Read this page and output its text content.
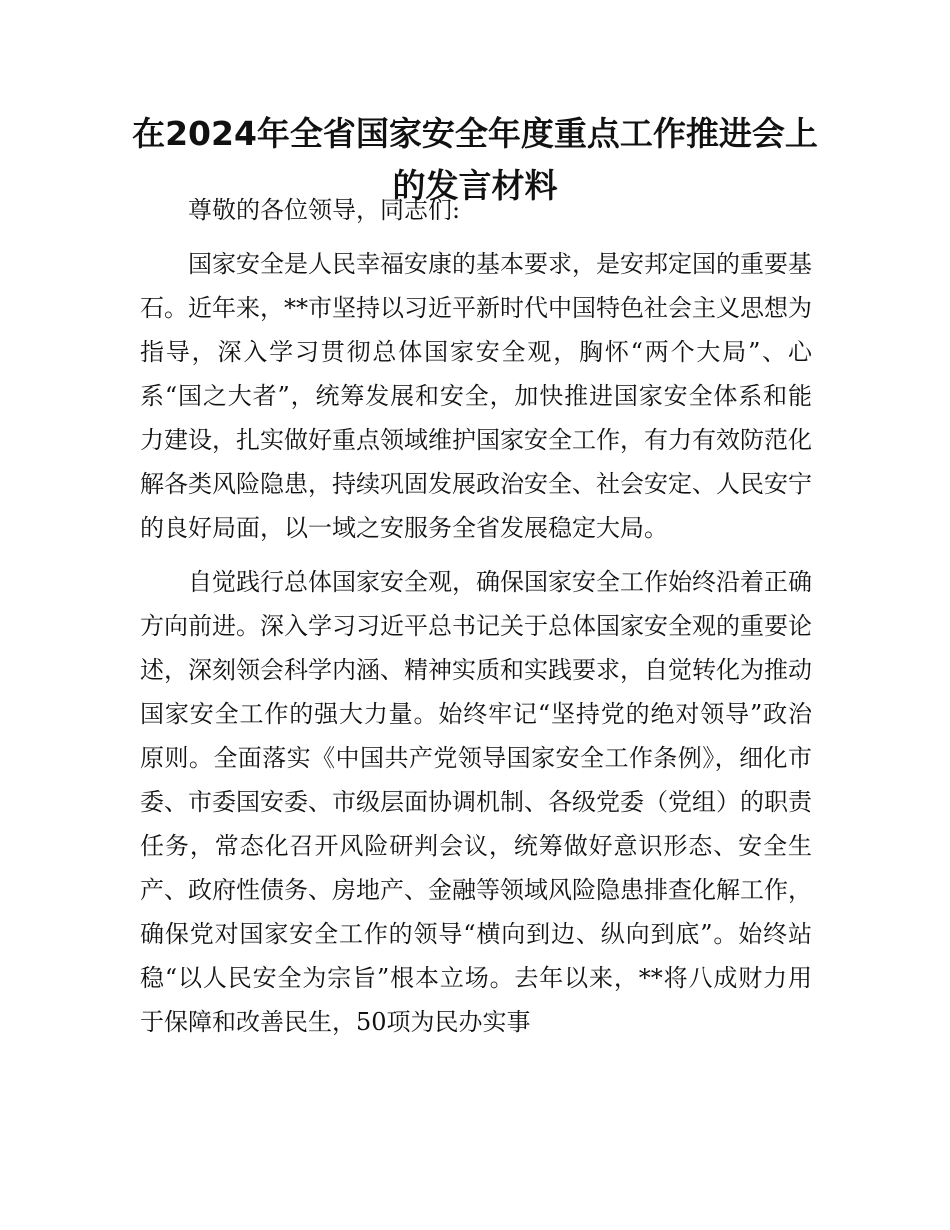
在2024年全省国家安全年度重点工作推进会上的发言材料

尊敬的各位领导，同志们:

国家安全是人民幸福安康的基本要求，是安邦定国的重要基石。近年来，**市坚持以习近平新时代中国特色社会主义思想为指导，深入学习贯彻总体国家安全观，胸怀“两个大局”、心系“国之大者”，统筹发展和安全，加快推进国家安全体系和能力建设，扎实做好重点领域维护国家安全工作，有力有效防范化解各类风险隐患，持续巩固发展政治安全、社会安定、人民安宁的良好局面，以一域之安服务全省发展稳定大局。

自觉践行总体国家安全观，确保国家安全工作始终沿着正确方向前进。深入学习习近平总书记关于总体国家安全观的重要论述，深刻领会科学内涵、精神实质和实践要求，自觉转化为推动国家安全工作的强大力量。始终牢记“坚持党的绝对领导”政治原则。全面落实《中国共产党领导国家安全工作条例》，细化市委、市委国安委、市级层面协调机制、各级党委（党组）的职责任务，常态化召开风险研判会议，统筹做好意识形态、安全生产、政府性债务、房地产、金融等领域风险隐患排查化解工作，确保党对国家安全工作的领导“横向到边、纵向到底”。始终站稳“以人民安全为宗旨”根本立场。去年以来，**将八成财力用于保障和改善民生，50项为民办实事
